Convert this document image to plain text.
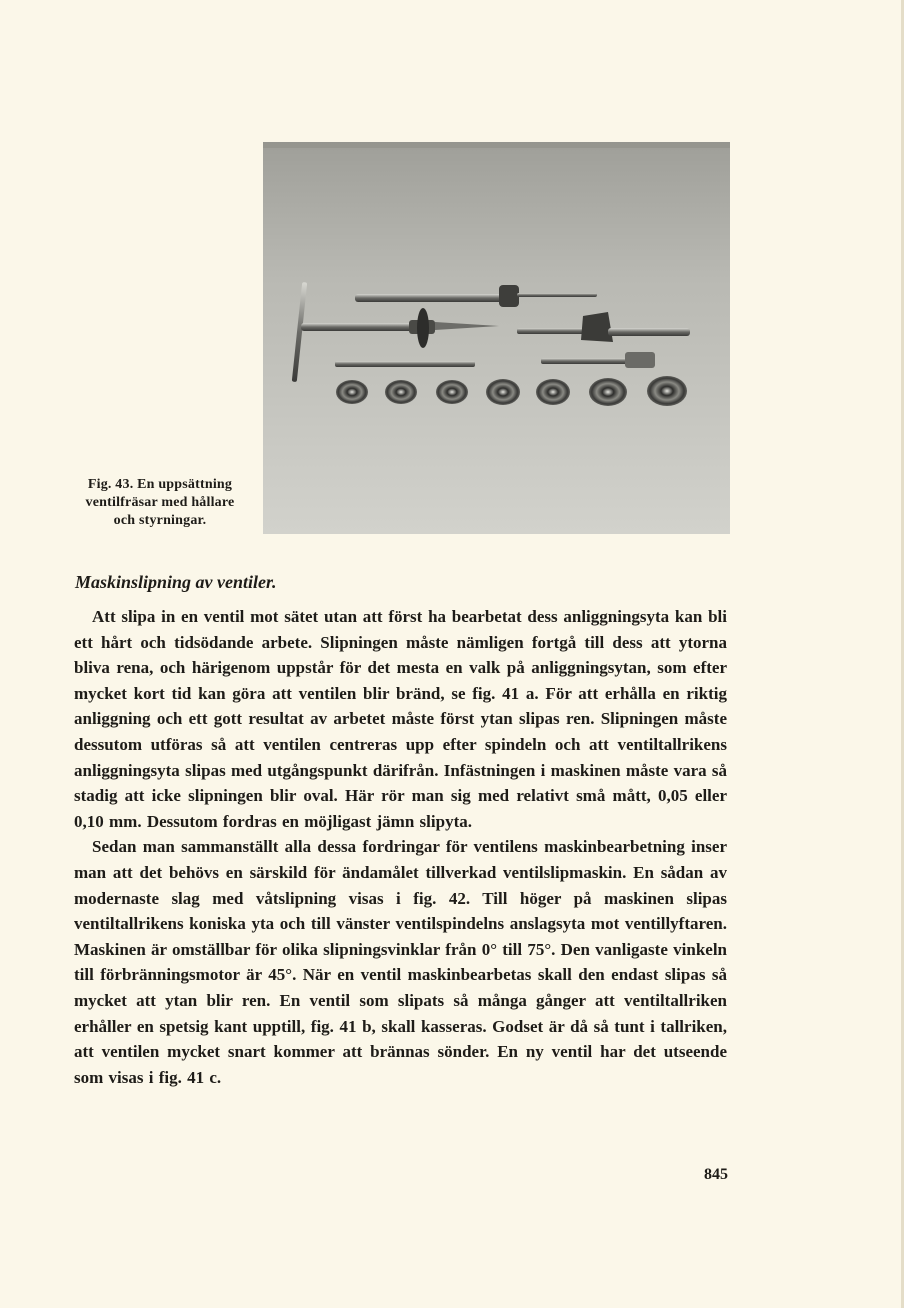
Fig. 43. En uppsättning
ventilfräsar med hållare
och styrningar.
Maskinslipning av ventiler.

Att slipa in en ventil mot sätet utan att först ha bearbetat dess anliggningsyta kan bli ett hårt och tidsödande arbete. Slipningen måste nämligen fortgå till dess att ytorna bliva rena, och härigenom uppstår för det mesta en valk på anliggningsytan, som efter mycket kort tid kan göra att ventilen blir bränd, se fig. 41 a. För att erhålla en riktig anliggning och ett gott resultat av arbetet måste först ytan slipas ren. Slipningen måste dessutom utföras så att ventilen centreras upp efter spindeln och att ventiltallrikens anliggningsyta slipas med utgångspunkt därifrån. Infästningen i maskinen måste vara så stadig att icke slipningen blir oval. Här rör man sig med relativt små mått, 0,05 eller 0,10 mm. Dessutom fordras en möjligast jämn slipyta.

Sedan man sammanställt alla dessa fordringar för ventilens maskinbearbetning inser man att det behövs en särskild för ändamålet tillverkad ventilslipmaskin. En sådan av modernaste slag med våtslipning visas i fig. 42. Till höger på maskinen slipas ventiltallrikens koniska yta och till vänster ventilspindelns anslagsyta mot ventillyftaren. Maskinen är omställbar för olika slipningsvinklar från 0° till 75°. Den vanligaste vinkeln till förbränningsmotor är 45°. När en ventil maskinbearbetas skall den endast slipas så mycket att ytan blir ren. En ventil som slipats så många gånger att ventiltallriken erhåller en spetsig kant upptill, fig. 41 b, skall kasseras. Godset är då så tunt i tallriken, att ventilen mycket snart kommer att brännas sönder. En ny ventil har det utseende som visas i fig. 41 c.

845
